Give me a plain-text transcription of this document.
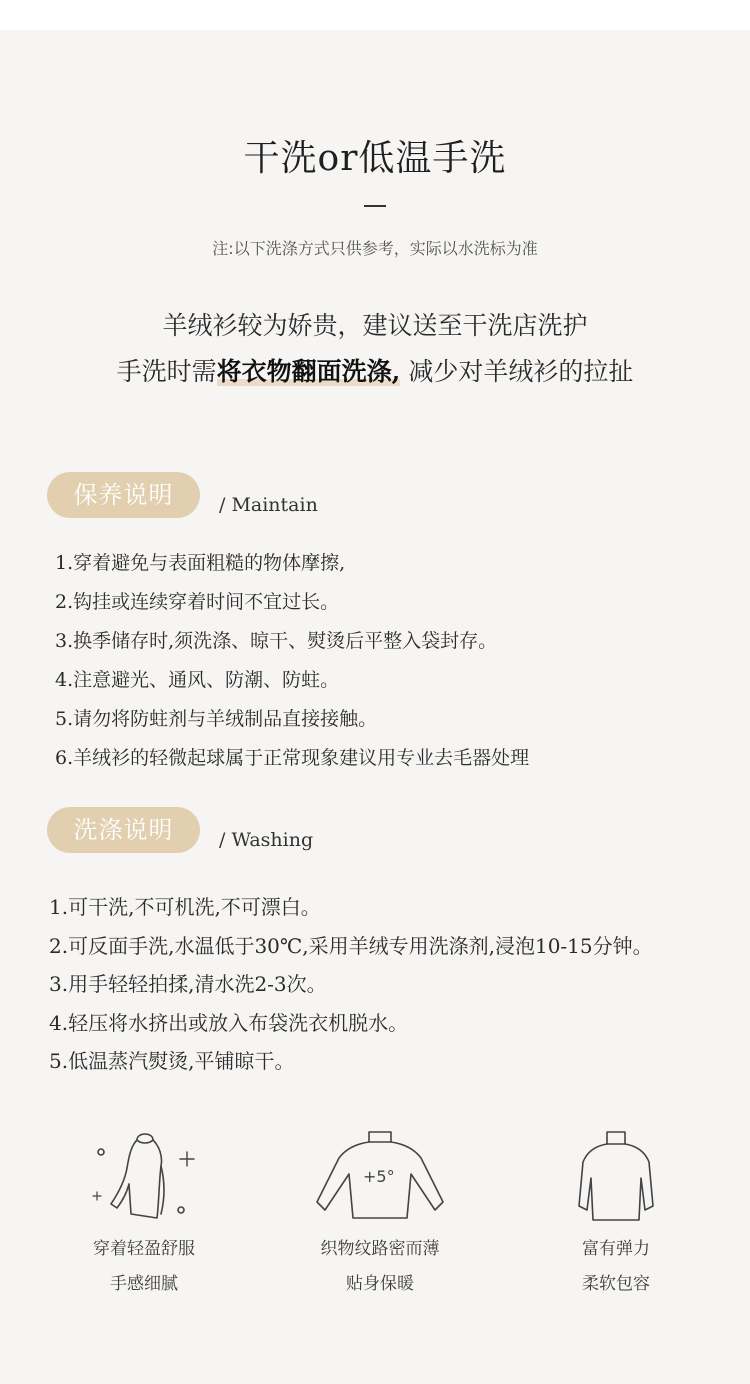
干洗or低温手洗
注:以下洗涤方式只供参考，实际以水洗标为准
羊绒衫较为娇贵，建议送至干洗店洗护
手洗时需将衣物翻面洗涤, 减少对羊绒衫的拉扯
保养说明	/ Maintain
1.穿着避免与表面粗糙的物体摩擦,
2.钩挂或连续穿着时间不宜过长。
3.换季储存时,须洗涤、晾干、熨烫后平整入袋封存。
4.注意避光、通风、防潮、防蛀。
5.请勿将防蛀剂与羊绒制品直接接触。
6.羊绒衫的轻微起球属于正常现象建议用专业去毛器处理
洗涤说明	/ Washing
1.可干洗,不可机洗,不可漂白。
2.可反面手洗,水温低于30℃,采用羊绒专用洗涤剂,浸泡10-15分钟。
3.用手轻轻拍揉,清水洗2-3次。
4.轻压将水挤出或放入布袋洗衣机脱水。
5.低温蒸汽熨烫,平铺晾干。
穿着轻盈舒服
手感细腻
+5°
织物纹路密而薄
贴身保暖
富有弹力
柔软包容
